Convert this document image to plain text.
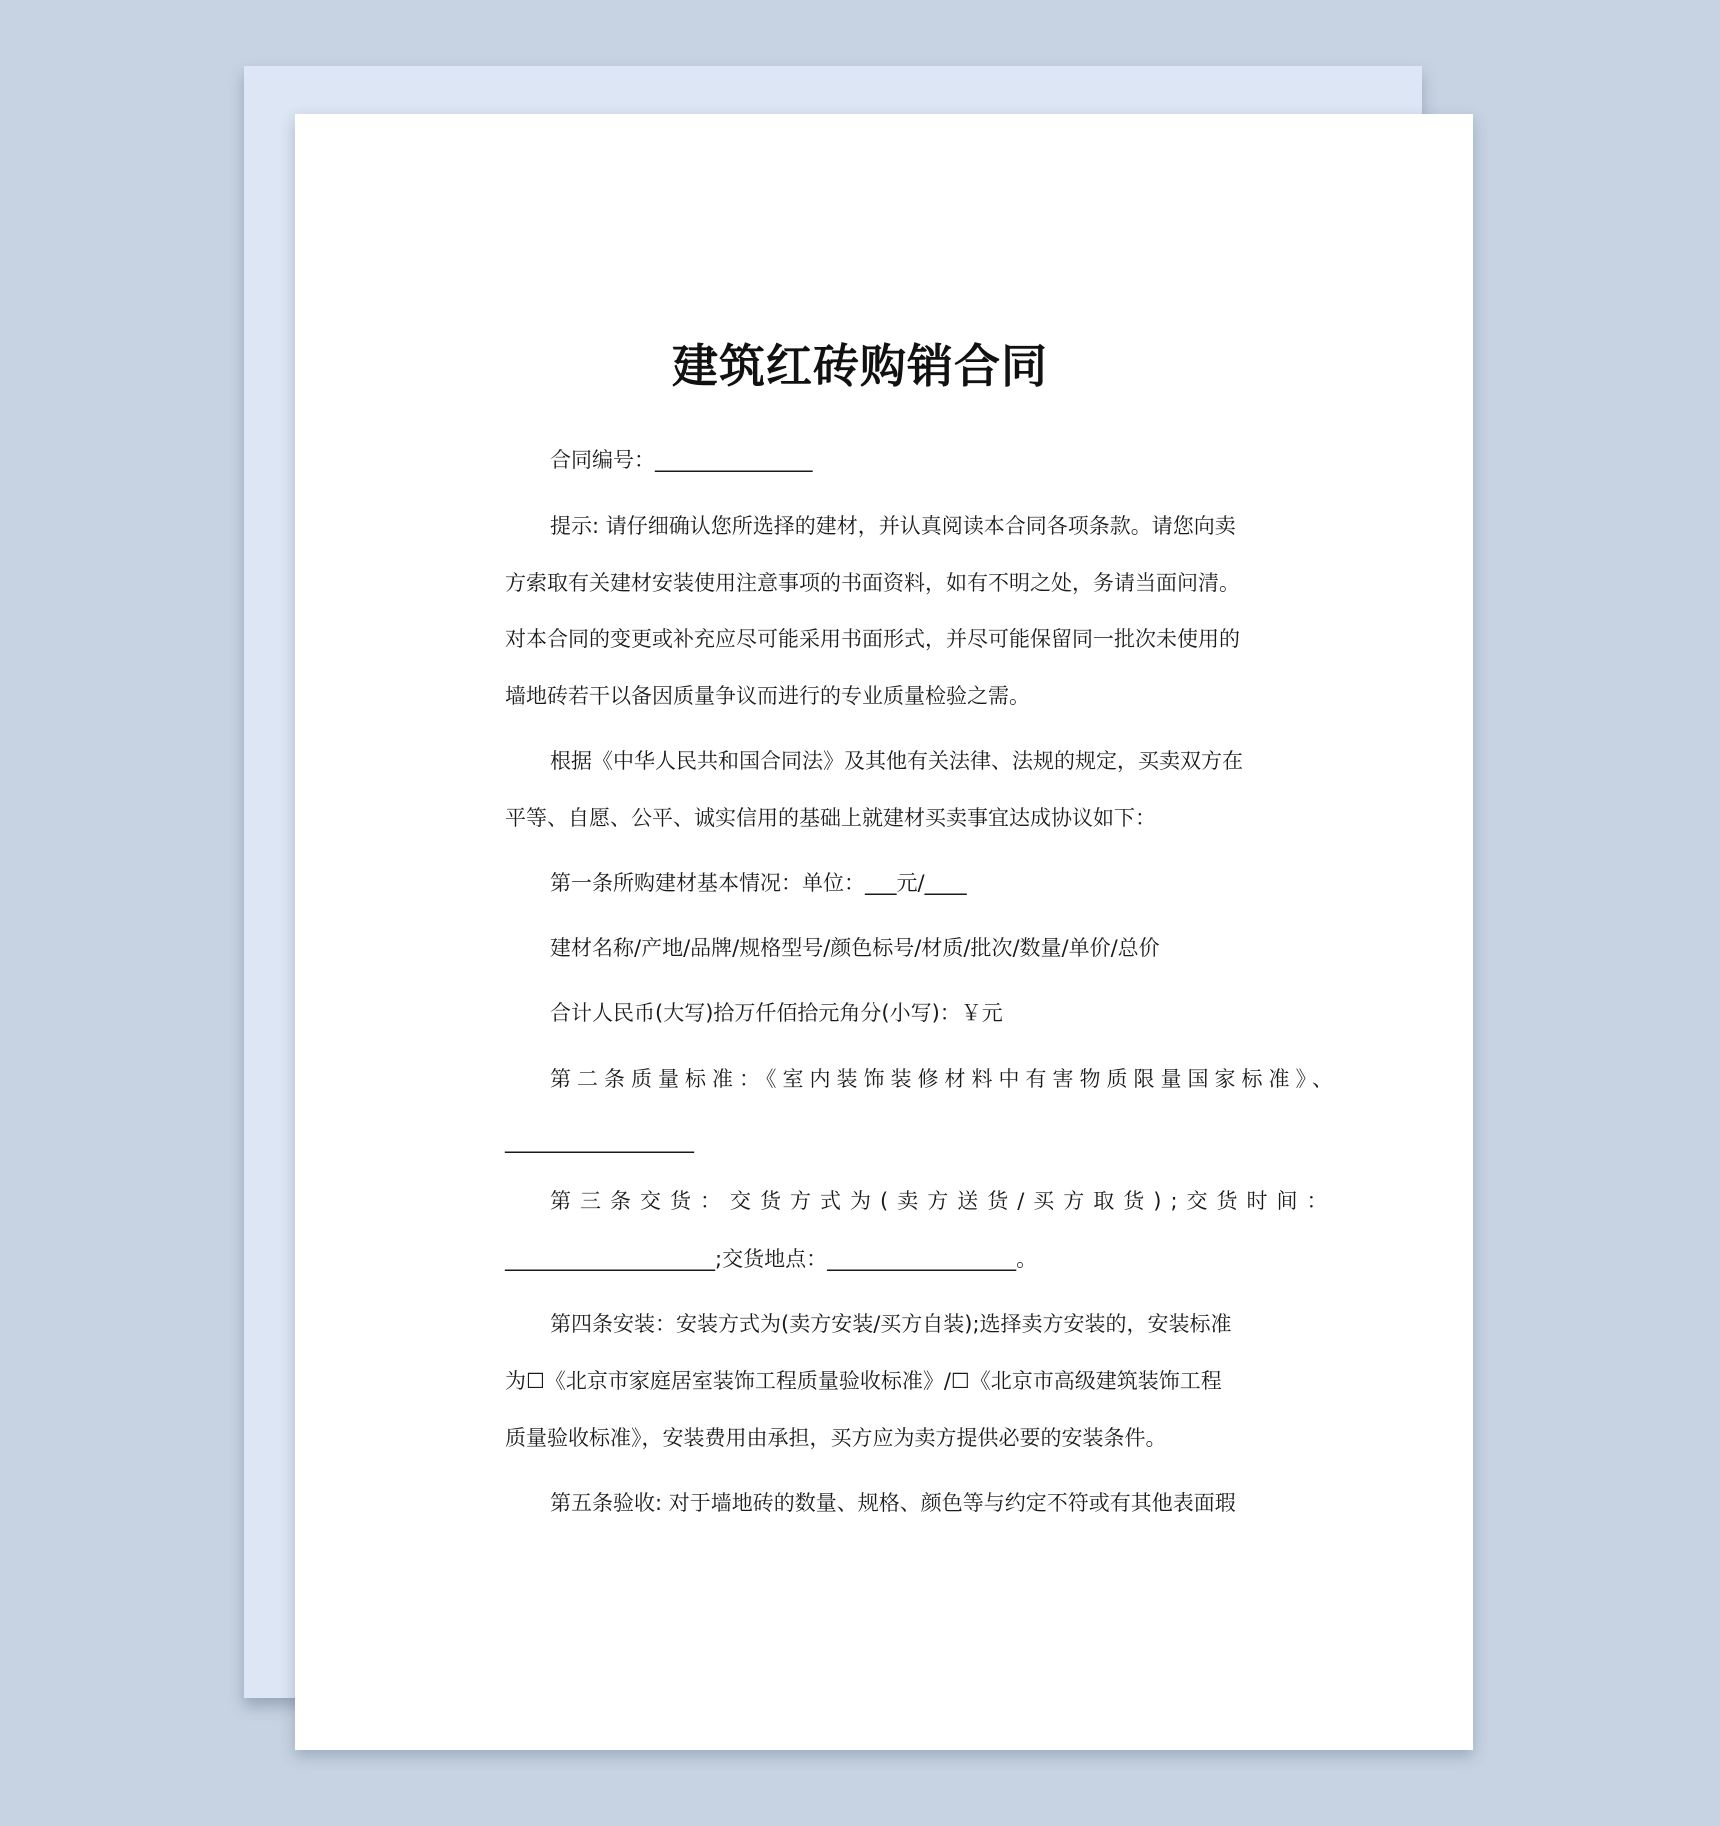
建筑红砖购销合同

合同编号：_______________

提示: 请仔细确认您所选择的建材，并认真阅读本合同各项条款。请您向卖

方索取有关建材安装使用注意事项的书面资料，如有不明之处，务请当面问清。

对本合同的变更或补充应尽可能采用书面形式，并尽可能保留同一批次未使用的

墙地砖若干以备因质量争议而进行的专业质量检验之需。

根据《中华人民共和国合同法》及其他有关法律、法规的规定，买卖双方在

平等、自愿、公平、诚实信用的基础上就建材买卖事宜达成协议如下：

第一条所购建材基本情况：单位：___元/____

建材名称/产地/品牌/规格型号/颜色标号/材质/批次/数量/单价/总价

合计人民币(大写)拾万仟佰拾元角分(小写)：￥元

第二条质量标准：《室内装饰装修材料中有害物质限量国家标准》、

__________________

第三条交货：交货方式为(卖方送货/买方取货);交货时间：

____________________;交货地点：__________________。

第四条安装：安装方式为(卖方安装/买方自装);选择卖方安装的，安装标准

为☐《北京市家庭居室装饰工程质量验收标准》/☐《北京市高级建筑装饰工程

质量验收标准》，安装费用由承担，买方应为卖方提供必要的安装条件。

第五条验收: 对于墙地砖的数量、规格、颜色等与约定不符或有其他表面瑕
